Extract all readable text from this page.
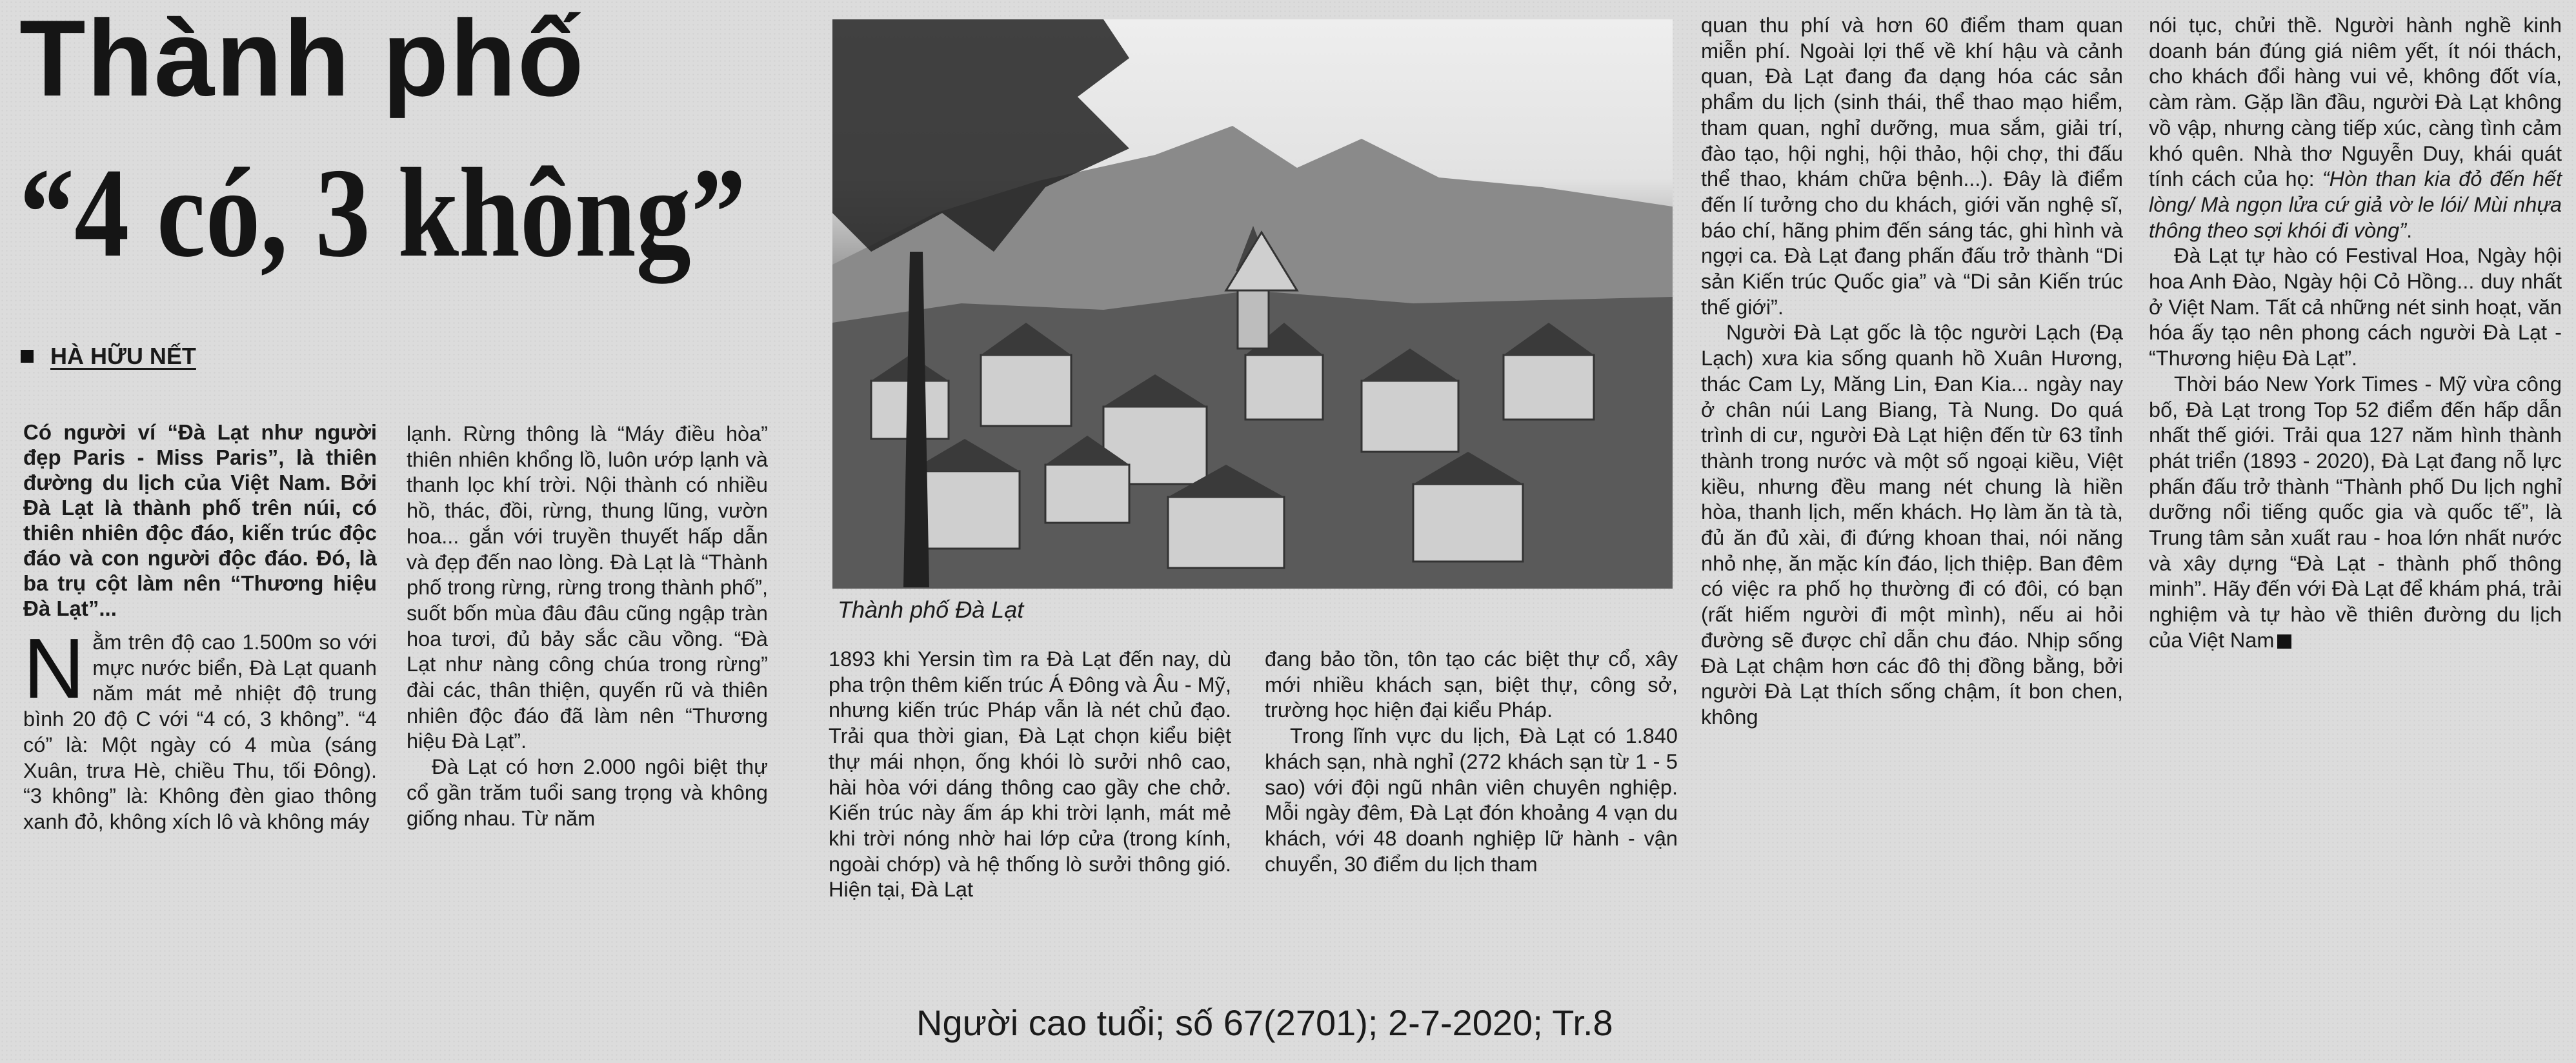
Thành phố
“4 có, 3 không”
HÀ HỮU NẾT

Có người ví “Đà Lạt như người đẹp Paris - Miss Paris”, là thiên đường du lịch của Việt Nam. Bởi Đà Lạt là thành phố trên núi, có thiên nhiên độc đáo, kiến trúc độc đáo và con người độc đáo. Đó, là ba trụ cột làm nên “Thương hiệu Đà Lạt”...

Nằm trên độ cao 1.500m so với mực nước biển, Đà Lạt quanh năm mát mẻ nhiệt độ trung bình 20 độ C với “4 có, 3 không”. “4 có” là: Một ngày có 4 mùa (sáng Xuân, trưa Hè, chiều Thu, tối Đông). “3 không” là: Không đèn giao thông xanh đỏ, không xích lô và không máy

lạnh. Rừng thông là “Máy điều hòa” thiên nhiên khổng lồ, luôn ướp lạnh và thanh lọc khí trời. Nội thành có nhiều hồ, thác, đồi, rừng, thung lũng, vườn hoa... gắn với truyền thuyết hấp dẫn và đẹp đến nao lòng. Đà Lạt là “Thành phố trong rừng, rừng trong thành phố”, suốt bốn mùa đâu đâu cũng ngập tràn hoa tươi, đủ bảy sắc cầu vồng. “Đà Lạt như nàng công chúa trong rừng” đài các, thân thiện, quyến rũ và thiên nhiên độc đáo đã làm nên “Thương hiệu Đà Lạt”.

Đà Lạt có hơn 2.000 ngôi biệt thự cổ gần trăm tuổi sang trọng và không giống nhau. Từ năm

Thành phố Đà Lạt

1893 khi Yersin tìm ra Đà Lạt đến nay, dù pha trộn thêm kiến trúc Á Đông và Âu - Mỹ, nhưng kiến trúc Pháp vẫn là nét chủ đạo. Trải qua thời gian, Đà Lạt chọn kiểu biệt thự mái nhọn, ống khói lò sưởi nhô cao, hài hòa với dáng thông cao gầy che chở. Kiến trúc này ấm áp khi trời lạnh, mát mẻ khi trời nóng nhờ hai lớp cửa (trong kính, ngoài chớp) và hệ thống lò sưởi thông gió. Hiện tại, Đà Lạt

đang bảo tồn, tôn tạo các biệt thự cổ, xây mới nhiều khách sạn, biệt thự, công sở, trường học hiện đại kiểu Pháp.

Trong lĩnh vực du lịch, Đà Lạt có 1.840 khách sạn, nhà nghỉ (272 khách sạn từ 1 - 5 sao) với đội ngũ nhân viên chuyên nghiệp. Mỗi ngày đêm, Đà Lạt đón khoảng 4 vạn du khách, với 48 doanh nghiệp lữ hành - vận chuyển, 30 điểm du lịch tham

quan thu phí và hơn 60 điểm tham quan miễn phí. Ngoài lợi thế về khí hậu và cảnh quan, Đà Lạt đang đa dạng hóa các sản phẩm du lịch (sinh thái, thể thao mạo hiểm, tham quan, nghỉ dưỡng, mua sắm, giải trí, đào tạo, hội nghị, hội thảo, hội chợ, thi đấu thể thao, khám chữa bệnh...). Đây là điểm đến lí tưởng cho du khách, giới văn nghệ sĩ, báo chí, hãng phim đến sáng tác, ghi hình và ngợi ca. Đà Lạt đang phấn đấu trở thành “Di sản Kiến trúc Quốc gia” và “Di sản Kiến trúc thế giới”.

Người Đà Lạt gốc là tộc người Lạch (Đạ Lạch) xưa kia sống quanh hồ Xuân Hương, thác Cam Ly, Măng Lin, Đan Kia... ngày nay ở chân núi Lang Biang, Tà Nung. Do quá trình di cư, người Đà Lạt hiện đến từ 63 tỉnh thành trong nước và một số ngoại kiều, Việt kiều, nhưng đều mang nét chung là hiền hòa, thanh lịch, mến khách. Họ làm ăn tà tà, đủ ăn đủ xài, đi đứng khoan thai, nói năng nhỏ nhẹ, ăn mặc kín đáo, lịch thiệp. Ban đêm có việc ra phố họ thường đi có đôi, có bạn (rất hiếm người đi một mình), nếu ai hỏi đường sẽ được chỉ dẫn chu đáo. Nhịp sống Đà Lạt chậm hơn các đô thị đồng bằng, bởi người Đà Lạt thích sống chậm, ít bon chen, không

nói tục, chửi thề. Người hành nghề kinh doanh bán đúng giá niêm yết, ít nói thách, cho khách đổi hàng vui vẻ, không đốt vía, càm ràm. Gặp lần đầu, người Đà Lạt không vồ vập, nhưng càng tiếp xúc, càng tình cảm khó quên. Nhà thơ Nguyễn Duy, khái quát tính cách của họ: “Hòn than kia đỏ đến hết lòng/ Mà ngọn lửa cứ giả vờ le lói/ Mùi nhựa thông theo sợi khói đi vòng”.

Đà Lạt tự hào có Festival Hoa, Ngày hội hoa Anh Đào, Ngày hội Cỏ Hồng... duy nhất ở Việt Nam. Tất cả những nét sinh hoạt, văn hóa ấy tạo nên phong cách người Đà Lạt - “Thương hiệu Đà Lạt”.

Thời báo New York Times - Mỹ vừa công bố, Đà Lạt trong Top 52 điểm đến hấp dẫn nhất thế giới. Trải qua 127 năm hình thành phát triển (1893 - 2020), Đà Lạt đang nỗ lực phấn đấu trở thành “Thành phố Du lịch nghỉ dưỡng nổi tiếng quốc gia và quốc tế”, là Trung tâm sản xuất rau - hoa lớn nhất nước và xây dựng “Đà Lạt - thành phố thông minh”. Hãy đến với Đà Lạt để khám phá, trải nghiệm và tự hào về thiên đường du lịch của Việt Nam

Người cao tuổi; số 67(2701); 2-7-2020; Tr.8
